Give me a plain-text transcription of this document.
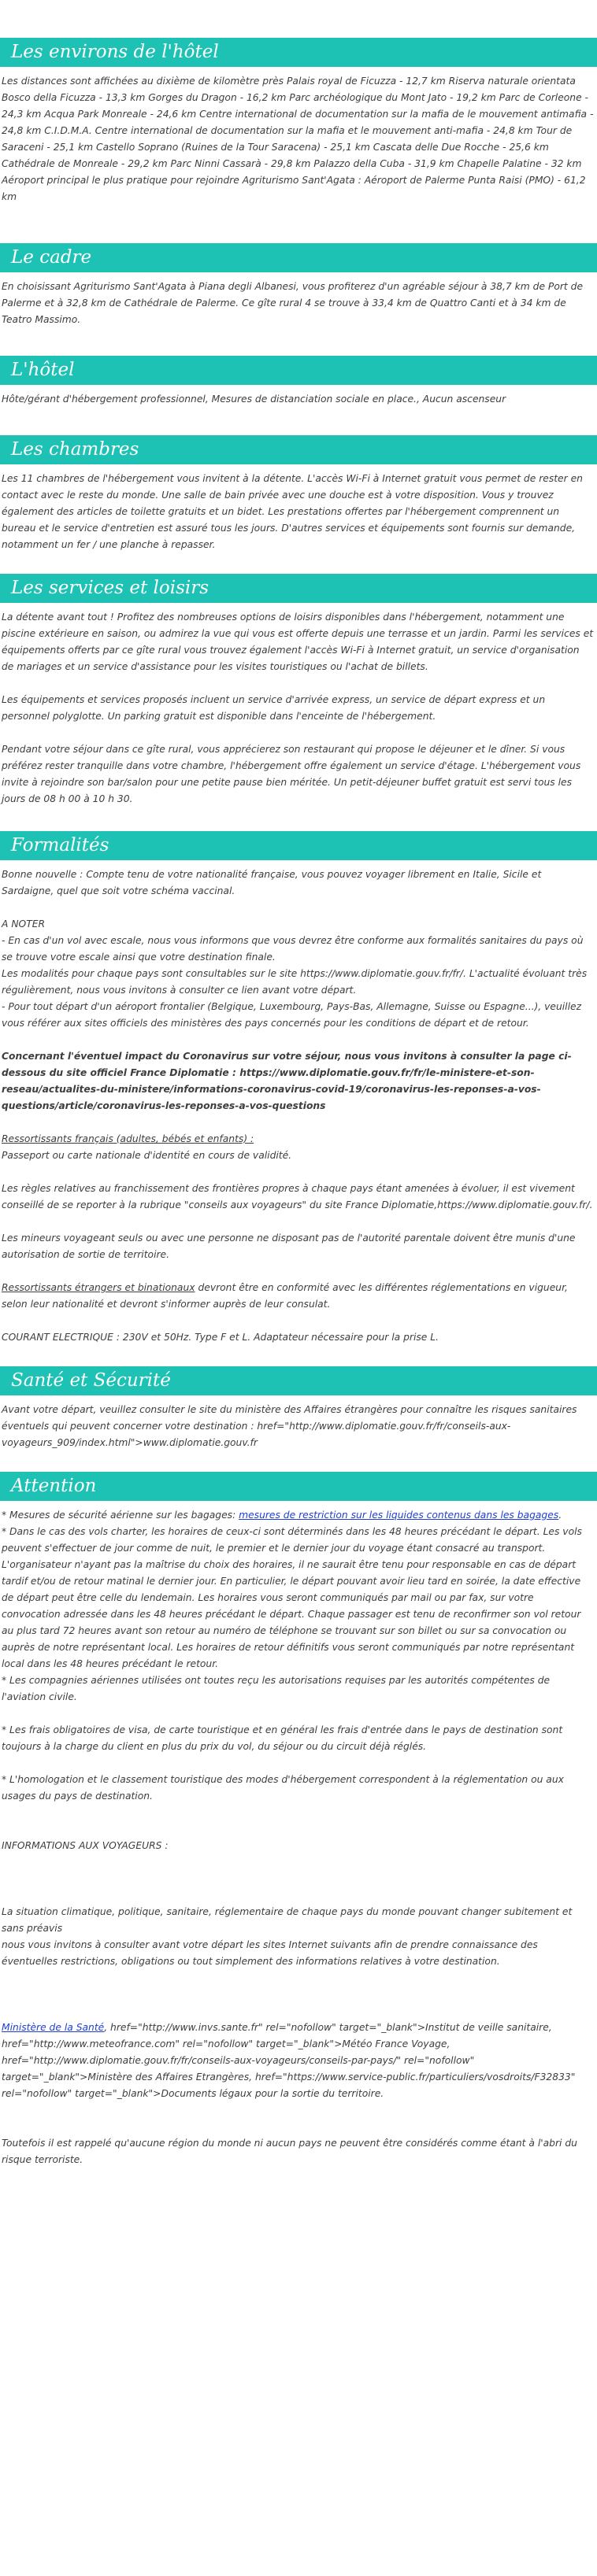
Les environs de l'hôtel

Les distances sont affichées au dixième de kilomètre près Palais royal de Ficuzza - 12,7 km Riserva naturale orientata Bosco della Ficuzza - 13,3 km Gorges du Dragon - 16,2 km Parc archéologique du Mont Jato - 19,2 km Parc de Corleone - 24,3 km Acqua Park Monreale - 24,6 km Centre international de documentation sur la mafia de le mouvement antimafia - 24,8 km C.I.D.M.A. Centre international de documentation sur la mafia et le mouvement anti-mafia - 24,8 km Tour de Saraceni - 25,1 km Castello Soprano (Ruines de la Tour Saracena) - 25,1 km Cascata delle Due Rocche - 25,6 km Cathédrale de Monreale - 29,2 km Parc Ninni Cassarà - 29,8 km Palazzo della Cuba - 31,9 km Chapelle Palatine - 32 km Aéroport principal le plus pratique pour rejoindre Agriturismo Sant'Agata : Aéroport de Palerme Punta Raisi (PMO) - 61,2 km

Le cadre

En choisissant Agriturismo Sant'Agata à Piana degli Albanesi, vous profiterez d'un agréable séjour à 38,7 km de Port de Palerme et à 32,8 km de Cathédrale de Palerme. Ce gîte rural 4 se trouve à 33,4 km de Quattro Canti et à 34 km de Teatro Massimo.

L'hôtel

Hôte/gérant d'hébergement professionnel, Mesures de distanciation sociale en place., Aucun ascenseur

Les chambres

Les 11 chambres de l'hébergement vous invitent à la détente. L'accès Wi-Fi à Internet gratuit vous permet de rester en contact avec le reste du monde. Une salle de bain privée avec une douche est à votre disposition. Vous y trouvez également des articles de toilette gratuits et un bidet. Les prestations offertes par l'hébergement comprennent un bureau et le service d'entretien est assuré tous les jours. D'autres services et équipements sont fournis sur demande, notamment un fer / une planche à repasser.

Les services et loisirs

La détente avant tout ! Profitez des nombreuses options de loisirs disponibles dans l'hébergement, notamment une piscine extérieure en saison, ou admirez la vue qui vous est offerte depuis une terrasse et un jardin. Parmi les services et équipements offerts par ce gîte rural vous trouvez également l'accès Wi-Fi à Internet gratuit, un service d'organisation de mariages et un service d'assistance pour les visites touristiques ou l'achat de billets.

Les équipements et services proposés incluent un service d'arrivée express, un service de départ express et un personnel polyglotte. Un parking gratuit est disponible dans l'enceinte de l'hébergement.

Pendant votre séjour dans ce gîte rural, vous apprécierez son restaurant qui propose le déjeuner et le dîner. Si vous préférez rester tranquille dans votre chambre, l'hébergement offre également un service d'étage. L'hébergement vous invite à rejoindre son bar/salon pour une petite pause bien méritée. Un petit-déjeuner buffet gratuit est servi tous les jours de 08 h 00 à 10 h 30.

Formalités

Bonne nouvelle : Compte tenu de votre nationalité française, vous pouvez voyager librement en Italie, Sicile et Sardaigne, quel que soit votre schéma vaccinal.

A NOTER

- En cas d'un vol avec escale, nous vous informons que vous devrez être conforme aux formalités sanitaires du pays où se trouve votre escale ainsi que votre destination finale.

Les modalités pour chaque pays sont consultables sur le site https://www.diplomatie.gouv.fr/fr/. L'actualité évoluant très régulièrement, nous vous invitons à consulter ce lien avant votre départ.

- Pour tout départ d'un aéroport frontalier (Belgique, Luxembourg, Pays-Bas, Allemagne, Suisse ou Espagne...), veuillez vous référer aux sites officiels des ministères des pays concernés pour les conditions de départ et de retour.

Concernant l'éventuel impact du Coronavirus sur votre séjour, nous vous invitons à consulter la page ci-dessous du site officiel France Diplomatie : https://www.diplomatie.gouv.fr/fr/le-ministere-et-son-reseau/actualites-du-ministere/informations-coronavirus-covid-19/coronavirus-les-reponses-a-vos-questions/article/coronavirus-les-reponses-a-vos-questions

Ressortissants français (adultes, bébés et enfants) :

Passeport ou carte nationale d'identité en cours de validité.

Les règles relatives au franchissement des frontières propres à chaque pays étant amenées à évoluer, il est vivement conseillé de se reporter à la rubrique "conseils aux voyageurs" du site France Diplomatie,https://www.diplomatie.gouv.fr/.

Les mineurs voyageant seuls ou avec une personne ne disposant pas de l'autorité parentale doivent être munis d'une autorisation de sortie de territoire.

Ressortissants étrangers et binationaux devront être en conformité avec les différentes réglementations en vigueur, selon leur nationalité et devront s'informer auprès de leur consulat.

COURANT ELECTRIQUE : 230V et 50Hz. Type F et L. Adaptateur nécessaire pour la prise L.

Santé et Sécurité

Avant votre départ, veuillez consulter le site du ministère des Affaires étrangères pour connaître les risques sanitaires éventuels qui peuvent concerner votre destination : href="http://www.diplomatie.gouv.fr/fr/conseils-aux-voyageurs_909/index.html">www.diplomatie.gouv.fr

Attention

* Mesures de sécurité aérienne sur les bagages: mesures de restriction sur les liquides contenus dans les bagages.

* Dans le cas des vols charter, les horaires de ceux-ci sont déterminés dans les 48 heures précédant le départ. Les vols peuvent s'effectuer de jour comme de nuit, le premier et le dernier jour du voyage étant consacré au transport. L'organisateur n'ayant pas la maîtrise du choix des horaires, il ne saurait être tenu pour responsable en cas de départ tardif et/ou de retour matinal le dernier jour. En particulier, le départ pouvant avoir lieu tard en soirée, la date effective de départ peut être celle du lendemain. Les horaires vous seront communiqués par mail ou par fax, sur votre convocation adressée dans les 48 heures précédant le départ. Chaque passager est tenu de reconfirmer son vol retour au plus tard 72 heures avant son retour au numéro de téléphone se trouvant sur son billet ou sur sa convocation ou auprès de notre représentant local. Les horaires de retour définitifs vous seront communiqués par notre représentant local dans les 48 heures précédant le retour.

* Les compagnies aériennes utilisées ont toutes reçu les autorisations requises par les autorités compétentes de l'aviation civile.

* Les frais obligatoires de visa, de carte touristique et en général les frais d'entrée dans le pays de destination sont toujours à la charge du client en plus du prix du vol, du séjour ou du circuit déjà réglés.

* L'homologation et le classement touristique des modes d'hébergement correspondent à la réglementation ou aux usages du pays de destination.

INFORMATIONS AUX VOYAGEURS :

La situation climatique, politique, sanitaire, réglementaire de chaque pays du monde pouvant changer subitement et sans préavis
nous vous invitons à consulter avant votre départ les sites Internet suivants afin de prendre connaissance des éventuelles restrictions, obligations ou tout simplement des informations relatives à votre destination.

Ministère de la Santé, href="http://www.invs.sante.fr" rel="nofollow" target="_blank">Institut de veille sanitaire, href="http://www.meteofrance.com" rel="nofollow" target="_blank">Météo France Voyage, href="http://www.diplomatie.gouv.fr/fr/conseils-aux-voyageurs/conseils-par-pays/" rel="nofollow" target="_blank">Ministère des Affaires Etrangères, href="https://www.service-public.fr/particuliers/vosdroits/F32833" rel="nofollow" target="_blank">Documents légaux pour la sortie du territoire.

Toutefois il est rappelé qu'aucune région du monde ni aucun pays ne peuvent être considérés comme étant à l'abri du risque terroriste.
